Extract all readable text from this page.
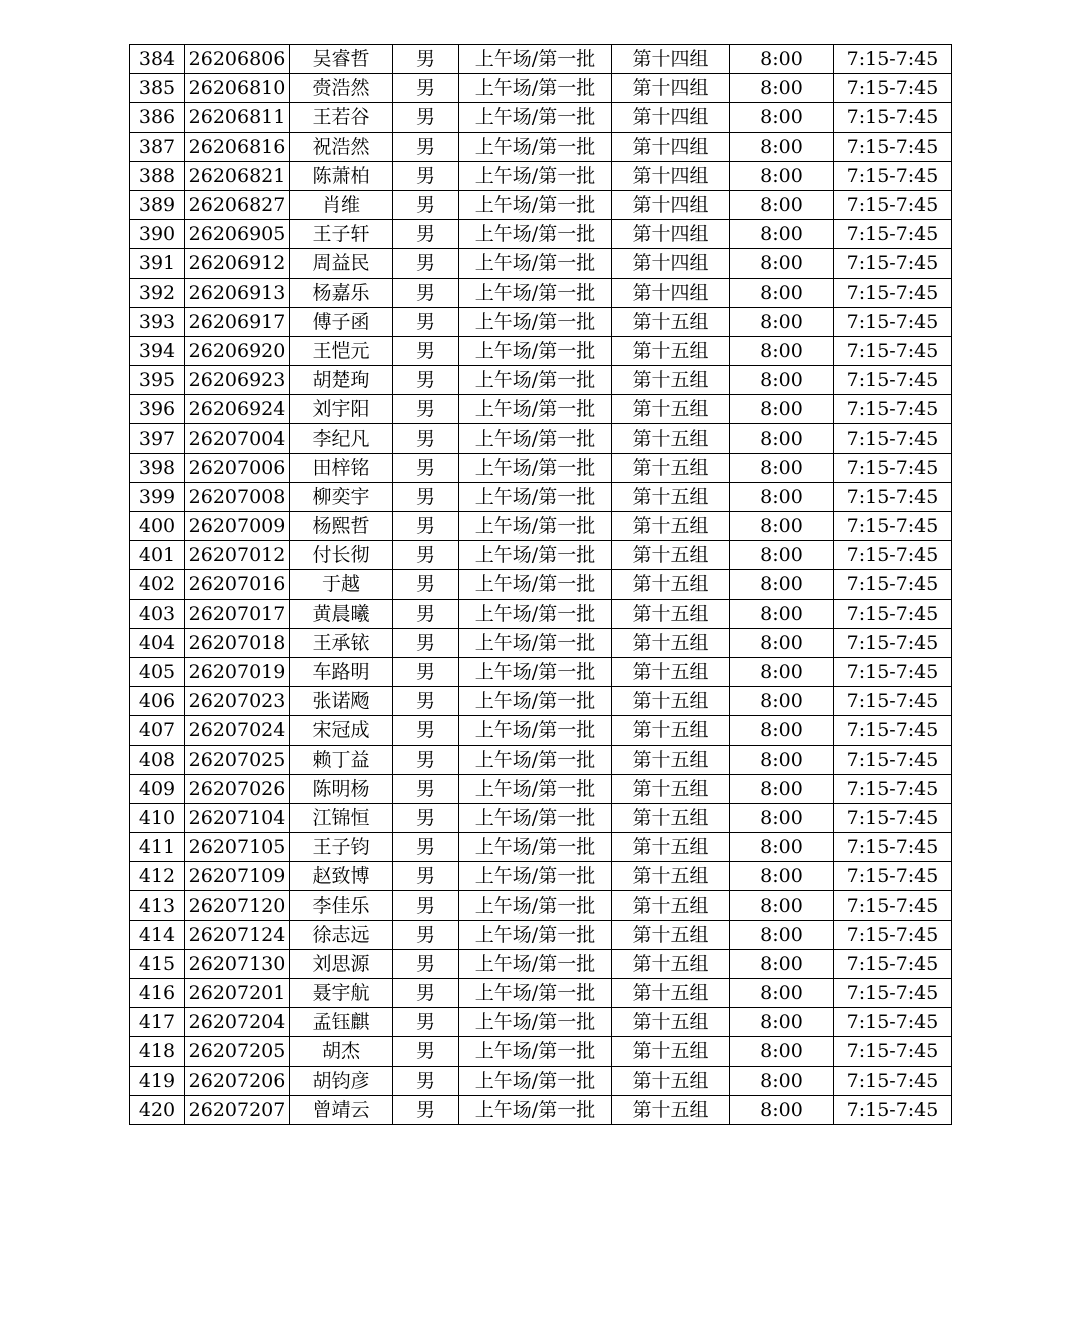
384	26206806	吴睿哲	男	上午场/第一批	第十四组	8:00	7:15-7:45
385	26206810	赍浩然	男	上午场/第一批	第十四组	8:00	7:15-7:45
386	26206811	王若谷	男	上午场/第一批	第十四组	8:00	7:15-7:45
387	26206816	祝浩然	男	上午场/第一批	第十四组	8:00	7:15-7:45
388	26206821	陈萧柏	男	上午场/第一批	第十四组	8:00	7:15-7:45
389	26206827	肖维	男	上午场/第一批	第十四组	8:00	7:15-7:45
390	26206905	王子轩	男	上午场/第一批	第十四组	8:00	7:15-7:45
391	26206912	周益民	男	上午场/第一批	第十四组	8:00	7:15-7:45
392	26206913	杨嘉乐	男	上午场/第一批	第十四组	8:00	7:15-7:45
393	26206917	傅子函	男	上午场/第一批	第十五组	8:00	7:15-7:45
394	26206920	王恺元	男	上午场/第一批	第十五组	8:00	7:15-7:45
395	26206923	胡楚珣	男	上午场/第一批	第十五组	8:00	7:15-7:45
396	26206924	刘宇阳	男	上午场/第一批	第十五组	8:00	7:15-7:45
397	26207004	李纪凡	男	上午场/第一批	第十五组	8:00	7:15-7:45
398	26207006	田梓铭	男	上午场/第一批	第十五组	8:00	7:15-7:45
399	26207008	柳奕宇	男	上午场/第一批	第十五组	8:00	7:15-7:45
400	26207009	杨熙哲	男	上午场/第一批	第十五组	8:00	7:15-7:45
401	26207012	付长彻	男	上午场/第一批	第十五组	8:00	7:15-7:45
402	26207016	于越	男	上午场/第一批	第十五组	8:00	7:15-7:45
403	26207017	黄晨曦	男	上午场/第一批	第十五组	8:00	7:15-7:45
404	26207018	王承铱	男	上午场/第一批	第十五组	8:00	7:15-7:45
405	26207019	车路明	男	上午场/第一批	第十五组	8:00	7:15-7:45
406	26207023	张诺飏	男	上午场/第一批	第十五组	8:00	7:15-7:45
407	26207024	宋冠成	男	上午场/第一批	第十五组	8:00	7:15-7:45
408	26207025	赖丁益	男	上午场/第一批	第十五组	8:00	7:15-7:45
409	26207026	陈明杨	男	上午场/第一批	第十五组	8:00	7:15-7:45
410	26207104	江锦恒	男	上午场/第一批	第十五组	8:00	7:15-7:45
411	26207105	王子钧	男	上午场/第一批	第十五组	8:00	7:15-7:45
412	26207109	赵致博	男	上午场/第一批	第十五组	8:00	7:15-7:45
413	26207120	李佳乐	男	上午场/第一批	第十五组	8:00	7:15-7:45
414	26207124	徐志远	男	上午场/第一批	第十五组	8:00	7:15-7:45
415	26207130	刘思源	男	上午场/第一批	第十五组	8:00	7:15-7:45
416	26207201	聂宇航	男	上午场/第一批	第十五组	8:00	7:15-7:45
417	26207204	孟钰麒	男	上午场/第一批	第十五组	8:00	7:15-7:45
418	26207205	胡杰	男	上午场/第一批	第十五组	8:00	7:15-7:45
419	26207206	胡钧彦	男	上午场/第一批	第十五组	8:00	7:15-7:45
420	26207207	曾靖云	男	上午场/第一批	第十五组	8:00	7:15-7:45
